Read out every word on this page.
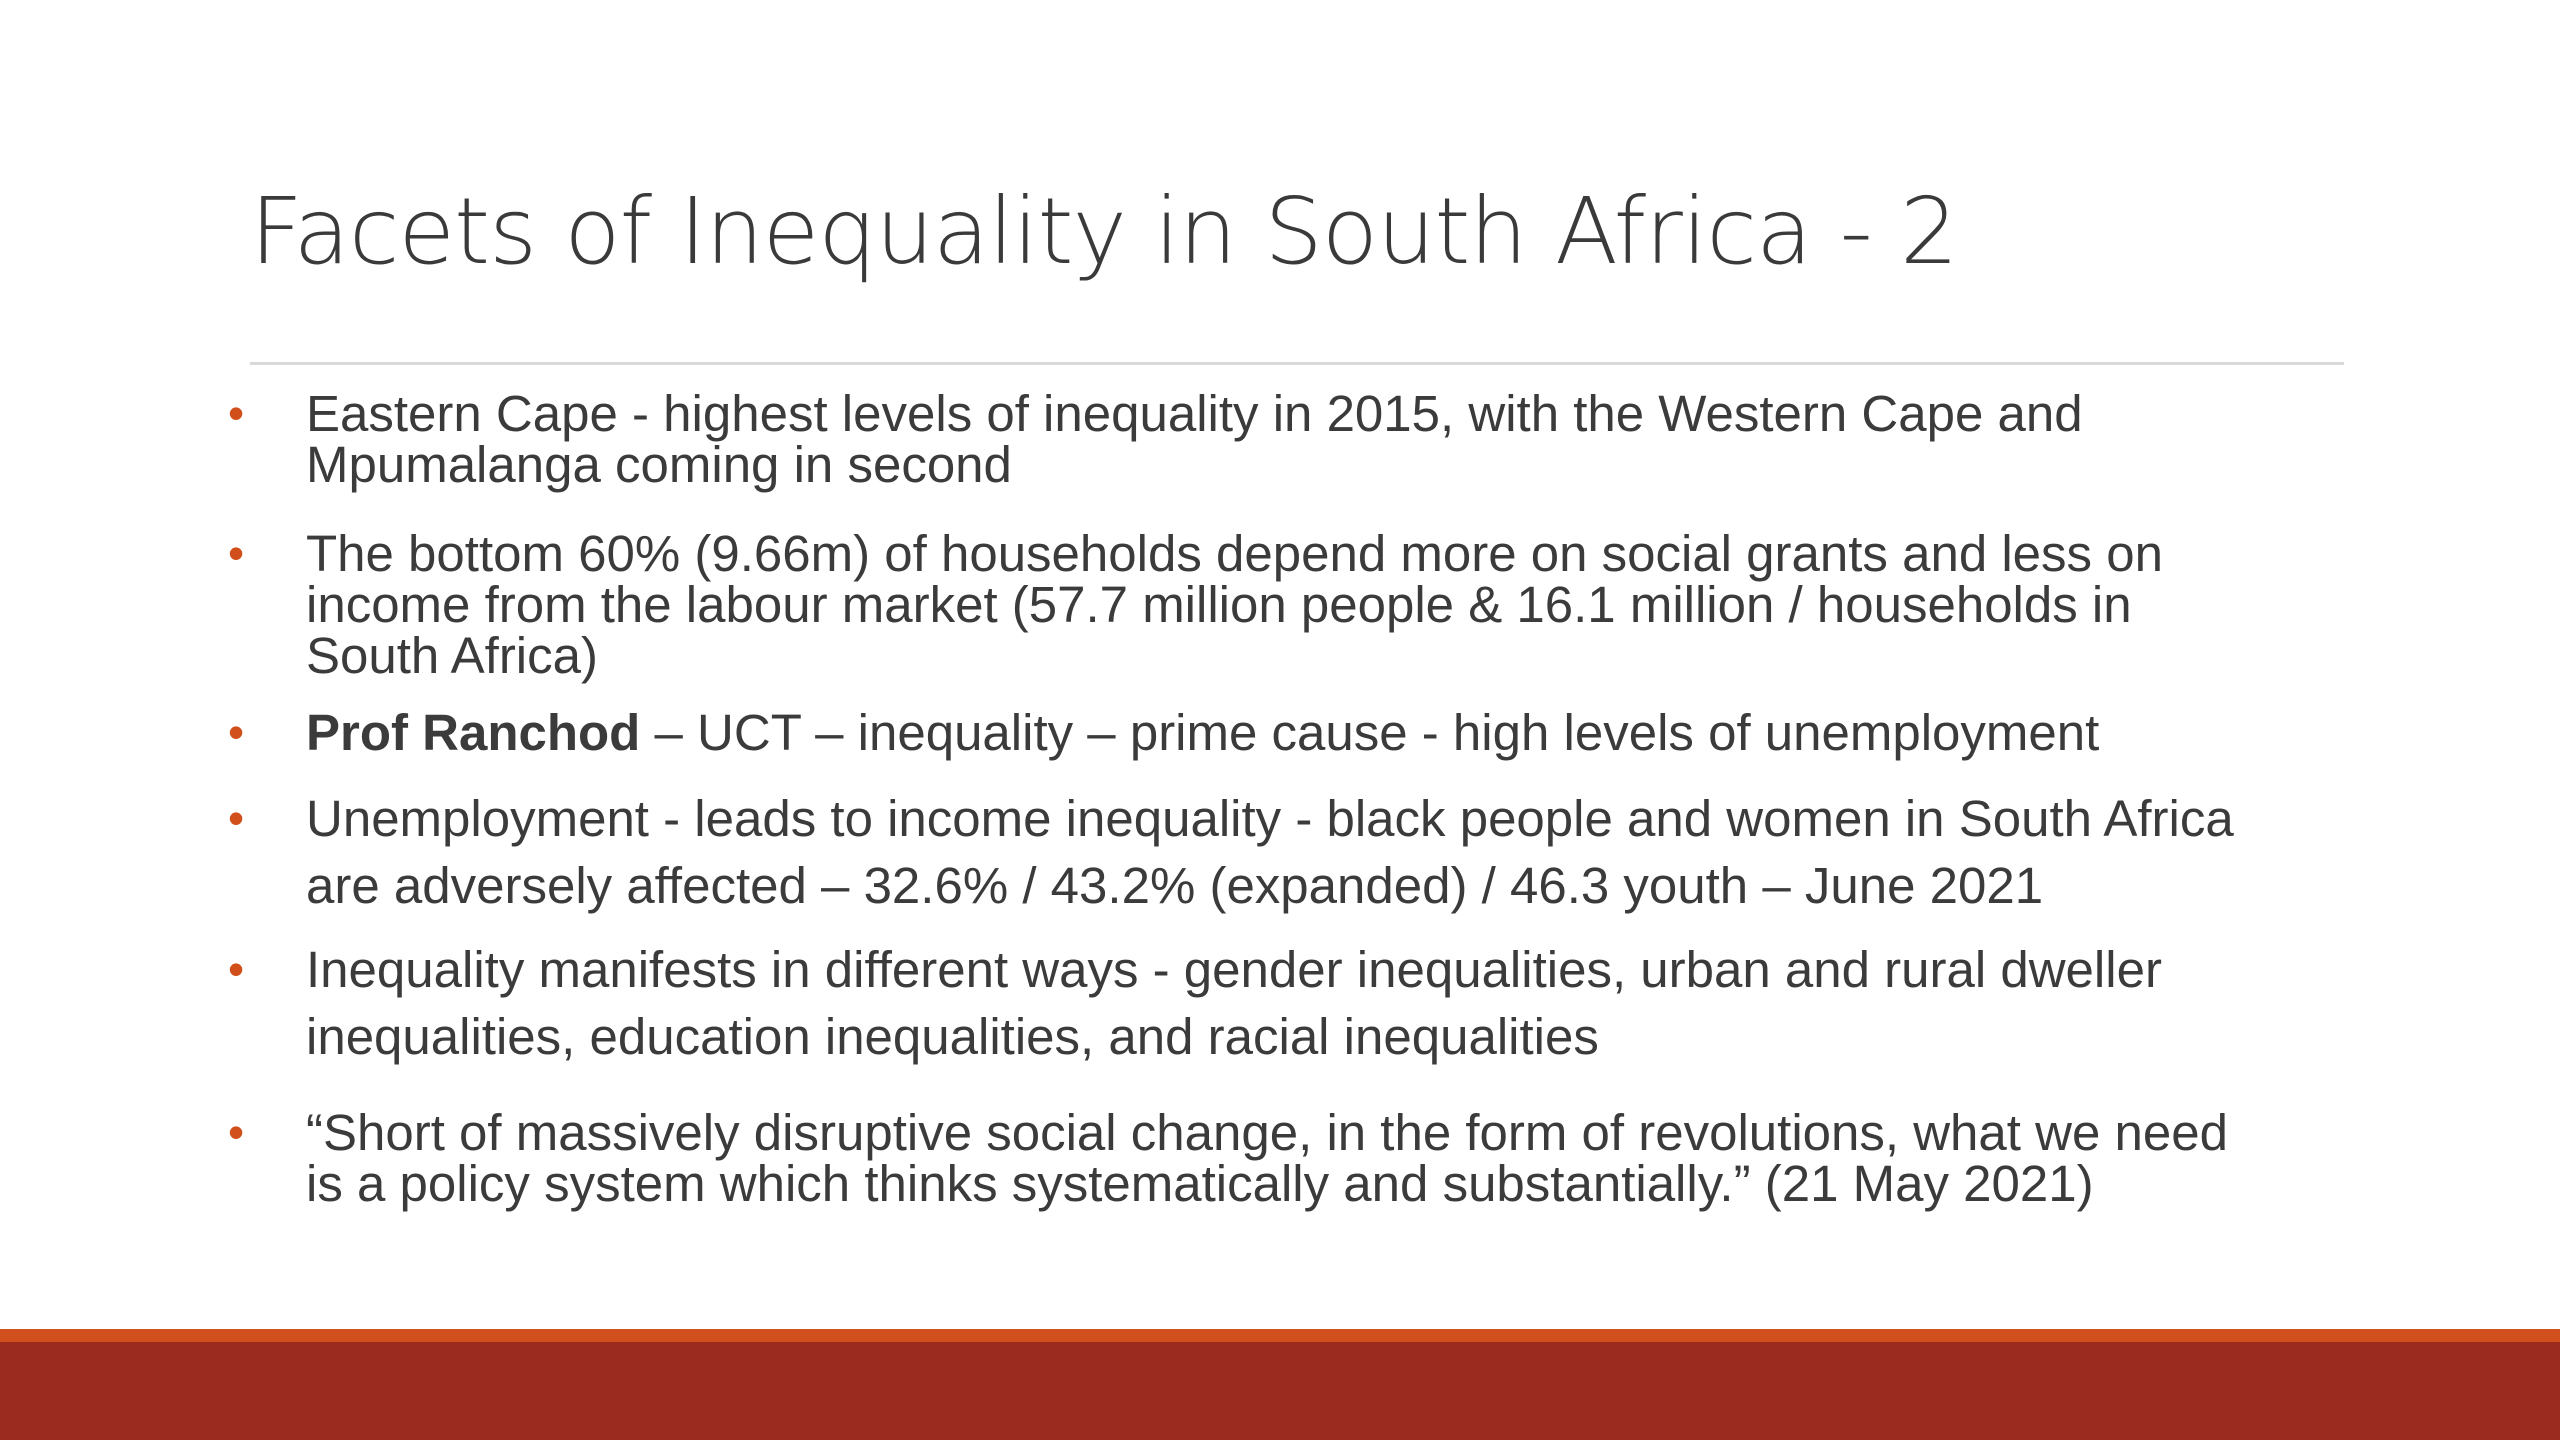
Facets of Inequality in South Africa - 2
• Eastern Cape - highest levels of inequality in 2015, with the Western Cape and
Mpumalanga coming in second
• The bottom 60% (9.66m) of households depend more on social grants and less on
income from the labour market (57.7 million people & 16.1 million / households in
South Africa)
• Prof Ranchod – UCT – inequality – prime cause - high levels of unemployment
• Unemployment - leads to income inequality - black people and women in South Africa
are adversely affected – 32.6% / 43.2% (expanded) / 46.3 youth – June 2021
• Inequality manifests in different ways - gender inequalities, urban and rural dweller
inequalities, education inequalities, and racial inequalities
• “Short of massively disruptive social change, in the form of revolutions, what we need
is a policy system which thinks systematically and substantially.” (21 May 2021)
